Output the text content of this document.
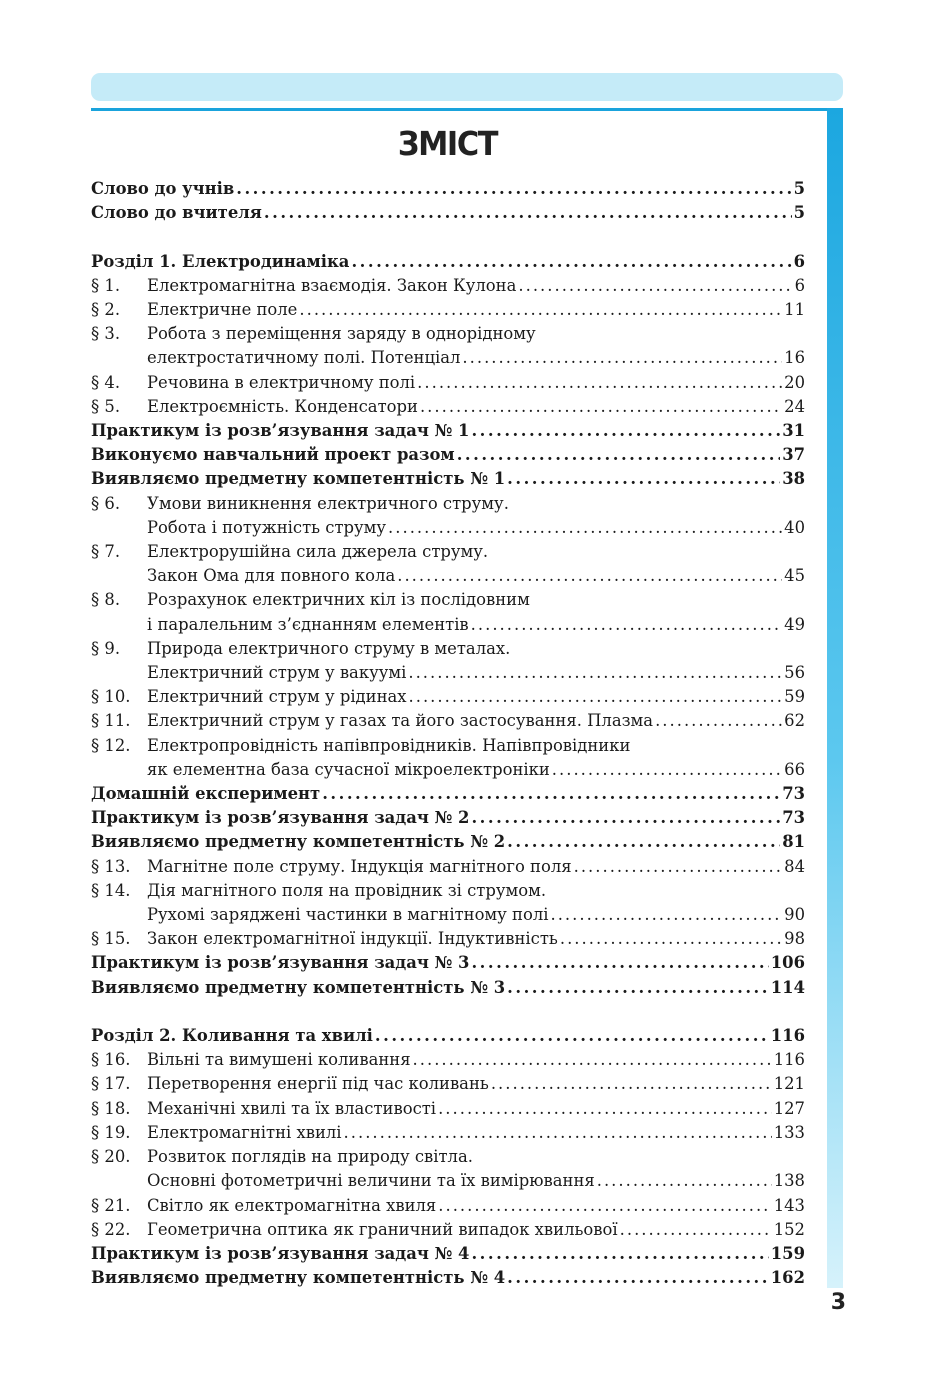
ЗМІСТ
Слово до учнів . . .	5
Слово до вчителя . . .	5
Розділ 1. Електродинаміка . . .	6
§ 1.	Електромагнітна взаємодія. Закон Кулона . . .	6
§ 2.	Електричне поле . . .	11
§ 3.	Робота з переміщення заряду в однорідному
електростатичному полі. Потенціал . . .	16
§ 4.	Речовина в електричному полі . . .	20
§ 5.	Електроємність. Конденсатори . . .	24
Практикум із розв’язування задач № 1 . . .	31
Виконуємо навчальний проект разом . . .	37
Виявляємо предметну компетентність № 1 . . .	38
§ 6.	Умови виникнення електричного струму.
Робота і потужність струму . . .	40
§ 7.	Електрорушійна сила джерела струму.
Закон Ома для повного кола . . .	45
§ 8.	Розрахунок електричних кіл із послідовним
і паралельним з’єднанням елементів . . .	49
§ 9.	Природа електричного струму в металах.
Електричний струм у вакуумі . . .	56
§ 10.	Електричний струм у рідинах . . .	59
§ 11.	Електричний струм у газах та його застосування. Плазма . . .	62
§ 12.	Електропровідність напівпровідників. Напівпровідники
як елементна база сучасної мікроелектроніки . . .	66
Домашній експеримент . . .	73
Практикум із розв’язування задач № 2 . . .	73
Виявляємо предметну компетентність № 2 . . .	81
§ 13.	Магнітне поле струму. Індукція магнітного поля . . .	84
§ 14.	Дія магнітного поля на провідник зі струмом.
Рухомі заряджені частинки в магнітному полі . . .	90
§ 15.	Закон електромагнітної індукції. Індуктивність . . .	98
Практикум із розв’язування задач № 3 . . .	106
Виявляємо предметну компетентність № 3 . . .	114
Розділ 2. Коливання та хвилі . . .	116
§ 16.	Вільні та вимушені коливання . . .	116
§ 17.	Перетворення енергії під час коливань . . .	121
§ 18.	Механічні хвилі та їх властивості . . .	127
§ 19.	Електромагнітні хвилі . . .	133
§ 20.	Розвиток поглядів на природу світла.
Основні фотометричні величини та їх вимірювання . . .	138
§ 21.	Світло як електромагнітна хвиля . . .	143
§ 22.	Геометрична оптика як граничний випадок хвильової . . .	152
Практикум із розв’язування задач № 4 . . .	159
Виявляємо предметну компетентність № 4 . . .	162
3
